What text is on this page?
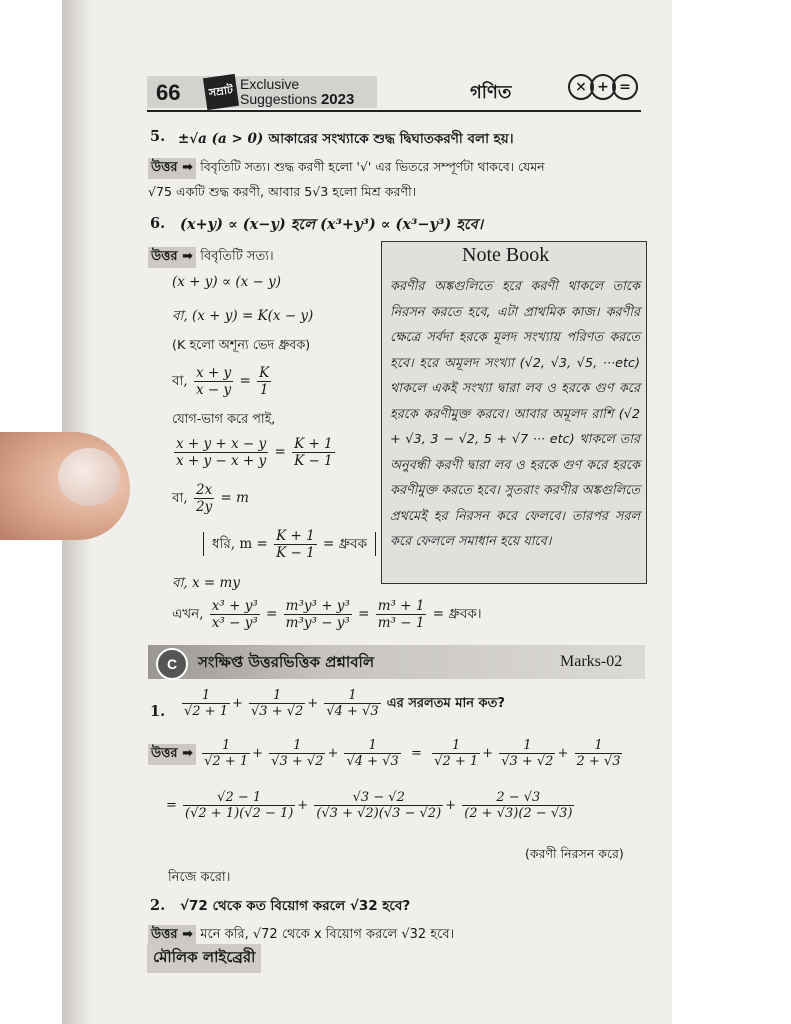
66	সম্রাট Exclusive
Suggestions 2023	গণিত	× + =
5. ±√a (a > 0) আকারের সংখ্যাকে শুদ্ধ দ্বিঘাতকরণী বলা হয়।
উত্তর ➡ বিবৃতিটি সত্য। শুদ্ধ করণী হলো '√' এর ভিতরে সম্পূর্ণটা থাকবে। যেমন
√75 একটি শুদ্ধ করণী, আবার 5√3 হলো মিশ্র করণী।
6. (x+y) ∝ (x−y) হলে (x³+y³) ∝ (x³−y³) হবে।
উত্তর ➡ বিবৃতিটি সত্য।
(x + y) ∝ (x − y)
বা, (x + y) = K(x − y)
(K হলো অশূন্য ভেদ ধ্রুবক)
বা, $\frac{x + y}{x - y} = \frac{K}{1}$
যোগ-ভাগ করে পাই,
$\frac{x + y + x - y}{x + y - x + y} = \frac{K + 1}{K - 1}$
বা, $\frac{2x}{2y} = m$
ধরি, $m = \frac{K + 1}{K - 1}$ = ধ্রুবক
বা, x = my
এখন, $\frac{\text{x³ + y³}}{\text{x³ − y³}} = \frac{\text{m³y³ + y³}}{\text{m³y³ − y³}} = \frac{\text{m³ + 1}}{\text{m³ − 1}}$ = ধ্রুবক।
Note Book
করণীর অঙ্কগুলিতে হরে করণী থাকলে তাকে নিরসন করতে হবে, এটা প্রাথমিক কাজ। করণীর ক্ষেত্রে সর্বদা হরকে মূলদ সংখ্যায় পরিণত করতে হবে। হরে অমূলদ সংখ্যা (√2, √3, √5, ···etc) থাকলে একই সংখ্যা দ্বারা লব ও হরকে গুণ করে হরকে করণীমুক্ত করবে। আবার অমূলদ রাশি (√2 + √3, 3 − √2, 5 + √7 ··· etc) থাকলে তার অনুবন্ধী করণী দ্বারা লব ও হরকে গুণ করে হরকে করণীমুক্ত করতে হবে। সুতরাং করণীর অঙ্কগুলিতে প্রথমেই হর নিরসন করে ফেলবে। তারপর সরল করে ফেললে সমাধান হয়ে যাবে।
C	সংক্ষিপ্ত উত্তরভিত্তিক প্রশ্নাবলি	Marks-02
1. $\frac{1}{√2 + 1} + \frac{1}{√3 + √2} + \frac{1}{√4 + √3}$ এর সরলতম মান কত?
উত্তর ➡ $\frac{1}{√2 + 1} + \frac{1}{√3 + √2} + \frac{1}{√4 + √3} = \frac{1}{√2 + 1} + \frac{1}{√3 + √2} + \frac{1}{2 + √3}$
= $\frac{√2 - 1}{(√2 + 1)(√2 - 1)} + \frac{√3 - √2}{(√3 + √2)(√3 - √2)} + \frac{2 - √3}{(2 + √3)(2 - √3)}$
(করণী নিরসন করে)
নিজে করো।
2. √72 থেকে কত বিয়োগ করলে √32 হবে?
উত্তর ➡ মনে করি, √72 থেকে x বিয়োগ করলে √32 হবে।
মৌলিক লাইব্রেরী
